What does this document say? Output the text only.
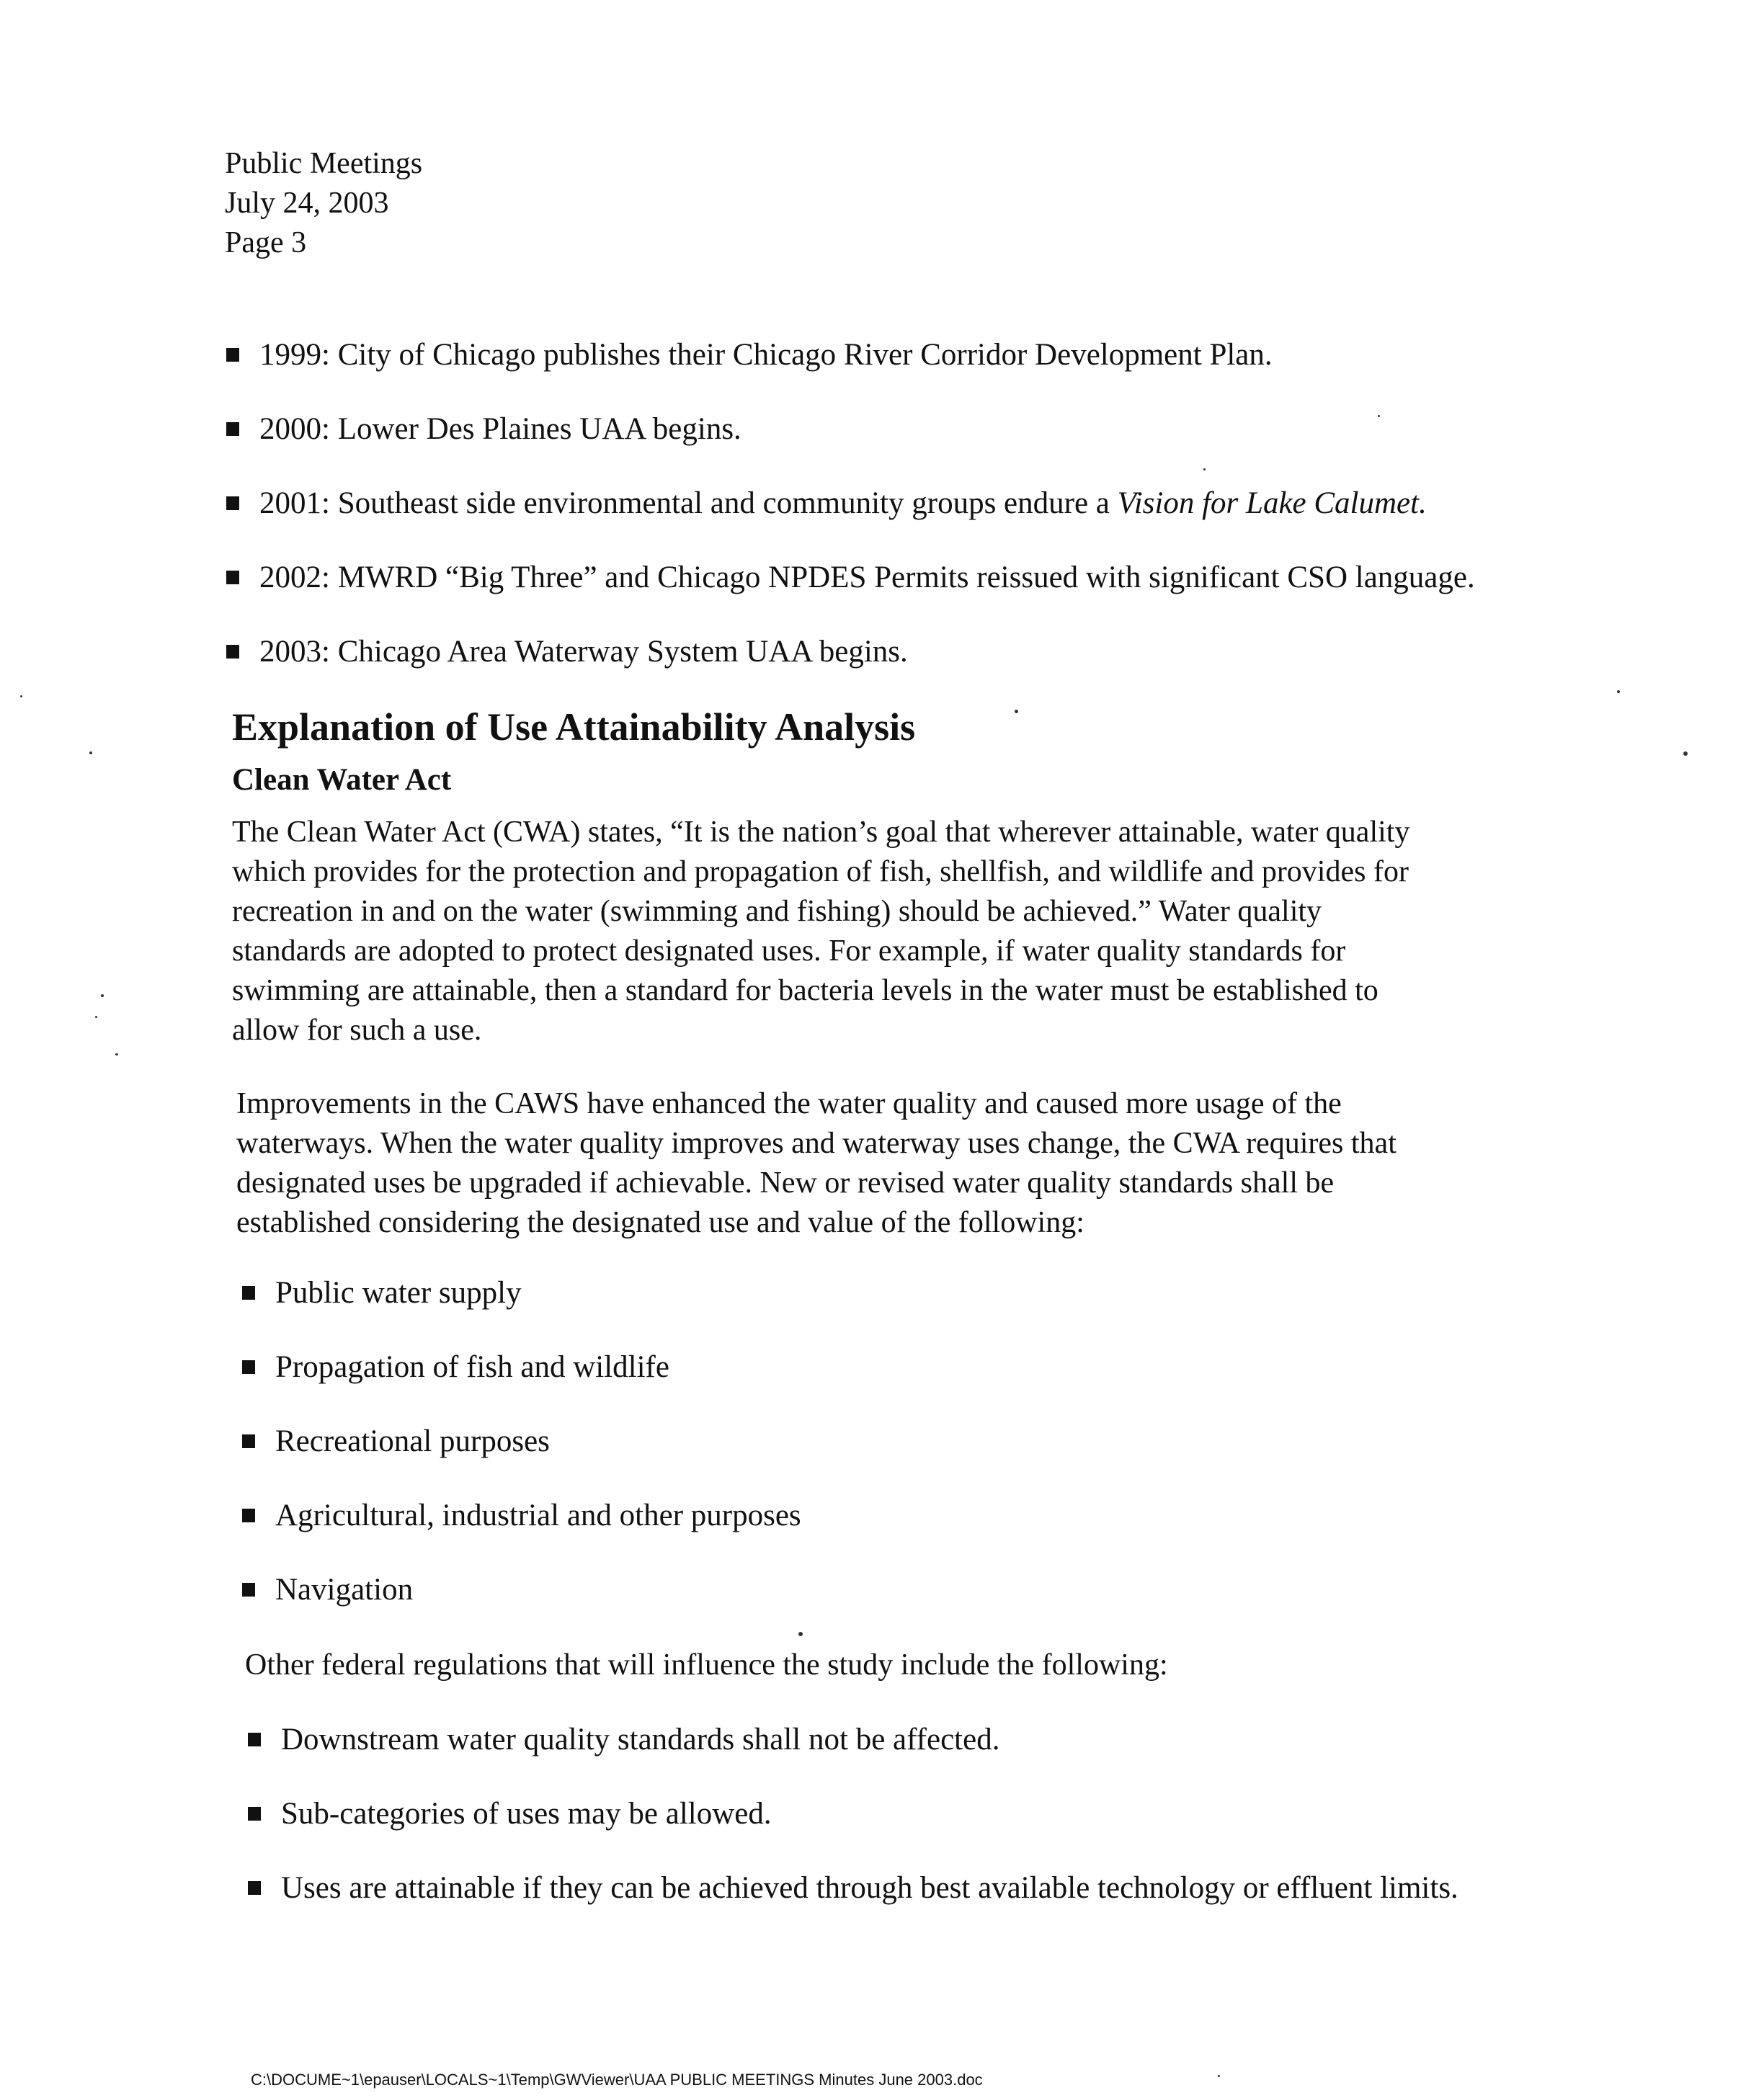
Public Meetings
July 24, 2003
Page 3
1999: City of Chicago publishes their Chicago River Corridor Development Plan.
2000: Lower Des Plaines UAA begins.
2001: Southeast side environmental and community groups endure a Vision for Lake Calumet.
2002: MWRD “Big Three” and Chicago NPDES Permits reissued with significant CSO language.
2003: Chicago Area Waterway System UAA begins.
Explanation of Use Attainability Analysis
Clean Water Act

The Clean Water Act (CWA) states, “It is the nation’s goal that wherever attainable, water quality
which provides for the protection and propagation of fish, shellfish, and wildlife and provides for
recreation in and on the water (swimming and fishing) should be achieved.” Water quality
standards are adopted to protect designated uses. For example, if water quality standards for
swimming are attainable, then a standard for bacteria levels in the water must be established to
allow for such a use.

Improvements in the CAWS have enhanced the water quality and caused more usage of the
waterways. When the water quality improves and waterway uses change, the CWA requires that
designated uses be upgraded if achievable. New or revised water quality standards shall be
established considering the designated use and value of the following:

Public water supply
Propagation of fish and wildlife
Recreational purposes
Agricultural, industrial and other purposes
Navigation

Other federal regulations that will influence the study include the following:

Downstream water quality standards shall not be affected.
Sub-categories of uses may be allowed.
Uses are attainable if they can be achieved through best available technology or effluent limits.
C:\DOCUME~1\epauser\LOCALS~1\Temp\GWViewer\UAA PUBLIC MEETINGS Minutes June 2003.doc
